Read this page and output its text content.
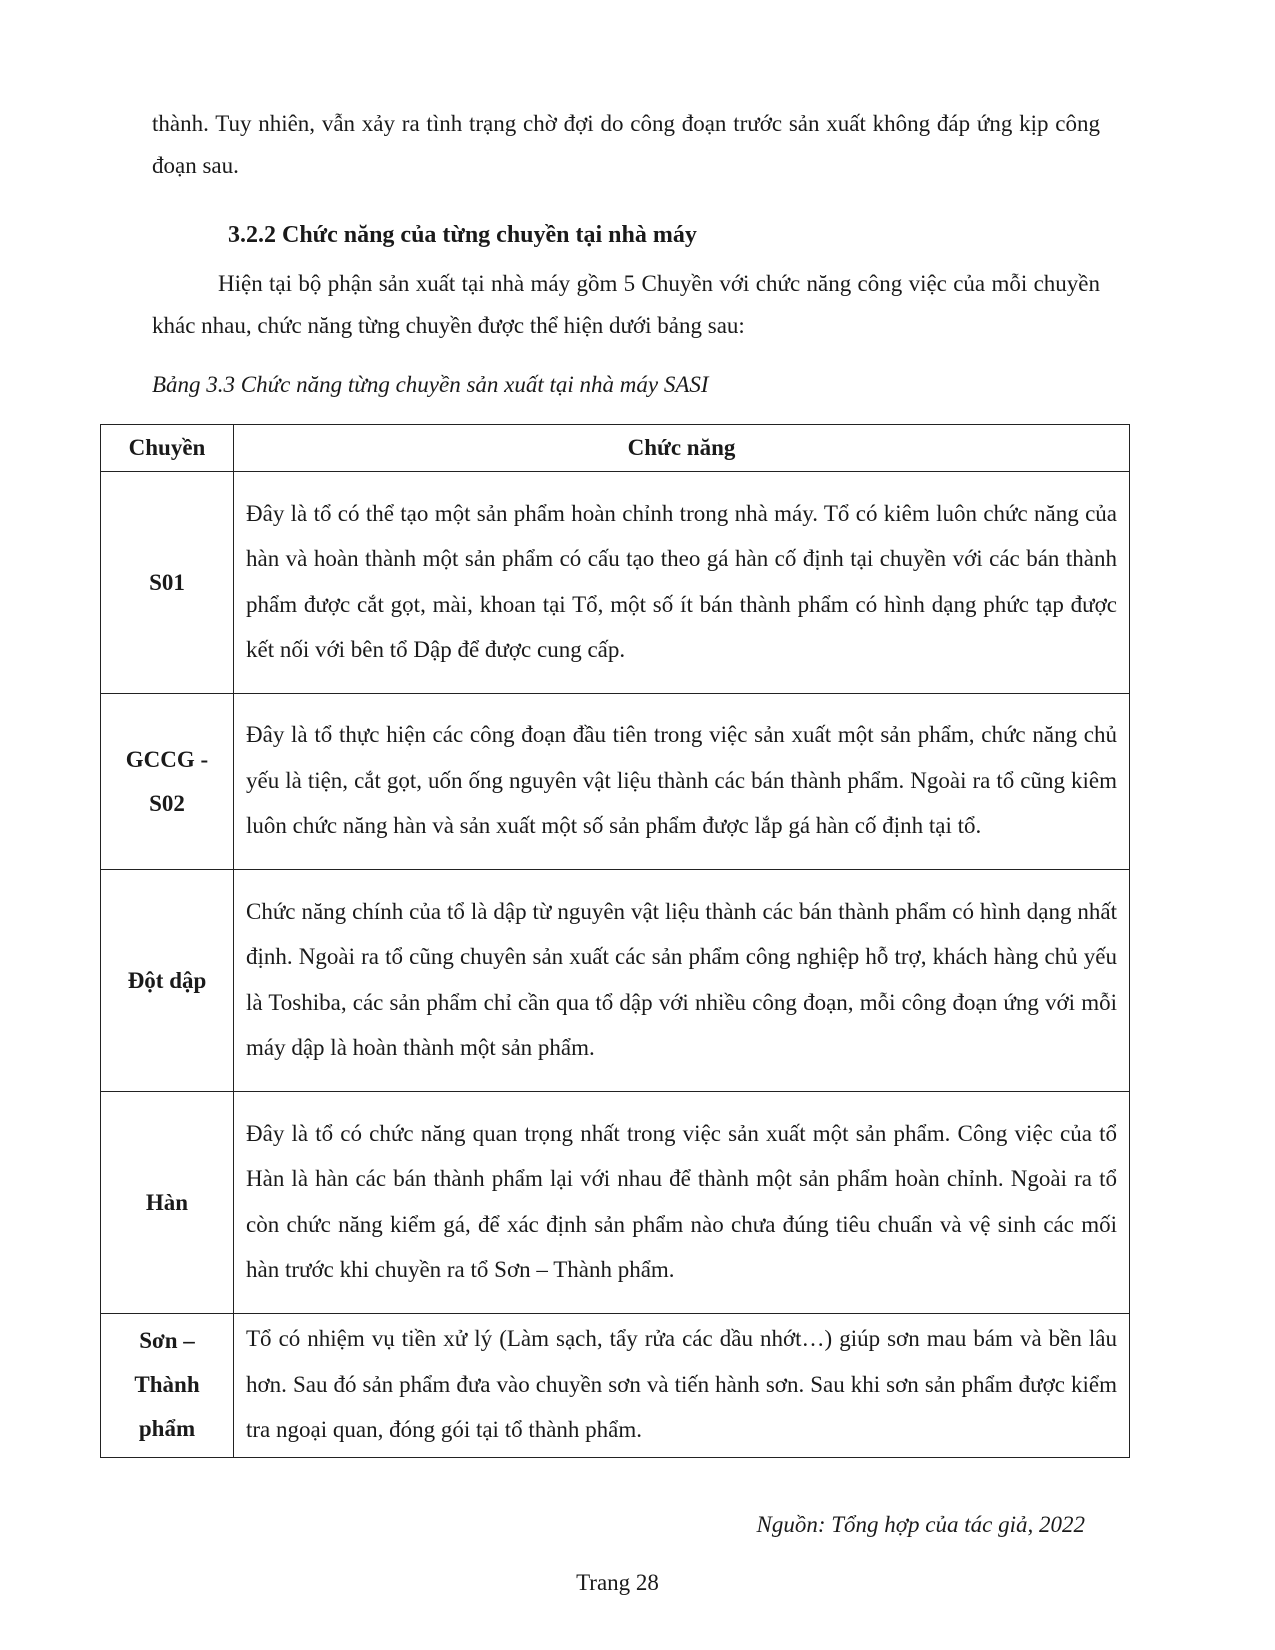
thành. Tuy nhiên, vẫn xảy ra tình trạng chờ đợi do công đoạn trước sản xuất không đáp ứng kịp công đoạn sau.

3.2.2 Chức năng của từng chuyền tại nhà máy

Hiện tại bộ phận sản xuất tại nhà máy gồm 5 Chuyền với chức năng công việc của mỗi chuyền khác nhau, chức năng từng chuyền được thể hiện dưới bảng sau:

Bảng 3.3 Chức năng từng chuyền sản xuất tại nhà máy SASI

Chuyền	Chức năng
S01	Đây là tổ có thể tạo một sản phẩm hoàn chỉnh trong nhà máy. Tổ có kiêm luôn chức năng của hàn và hoàn thành một sản phẩm có cấu tạo theo gá hàn cố định tại chuyền với các bán thành phẩm được cắt gọt, mài, khoan tại Tổ, một số ít bán thành phẩm có hình dạng phức tạp được kết nối với bên tổ Dập để được cung cấp.
GCCG - S02	Đây là tổ thực hiện các công đoạn đầu tiên trong việc sản xuất một sản phẩm, chức năng chủ yếu là tiện, cắt gọt, uốn ống nguyên vật liệu thành các bán thành phẩm. Ngoài ra tổ cũng kiêm luôn chức năng hàn và sản xuất một số sản phẩm được lắp gá hàn cố định tại tổ.
Đột dập	Chức năng chính của tổ là dập từ nguyên vật liệu thành các bán thành phẩm có hình dạng nhất định. Ngoài ra tổ cũng chuyên sản xuất các sản phẩm công nghiệp hỗ trợ, khách hàng chủ yếu là Toshiba, các sản phẩm chỉ cần qua tổ dập với nhiều công đoạn, mỗi công đoạn ứng với mỗi máy dập là hoàn thành một sản phẩm.
Hàn	Đây là tổ có chức năng quan trọng nhất trong việc sản xuất một sản phẩm. Công việc của tổ Hàn là hàn các bán thành phẩm lại với nhau để thành một sản phẩm hoàn chỉnh. Ngoài ra tổ còn chức năng kiểm gá, để xác định sản phẩm nào chưa đúng tiêu chuẩn và vệ sinh các mối hàn trước khi chuyền ra tổ Sơn – Thành phẩm.
Sơn – Thành phẩm	Tổ có nhiệm vụ tiền xử lý (Làm sạch, tẩy rửa các dầu nhớt…) giúp sơn mau bám và bền lâu hơn. Sau đó sản phẩm đưa vào chuyền sơn và tiến hành sơn. Sau khi sơn sản phẩm được kiểm tra ngoại quan, đóng gói tại tổ thành phẩm.

Nguồn: Tổng hợp của tác giả, 2022

Trang 28
